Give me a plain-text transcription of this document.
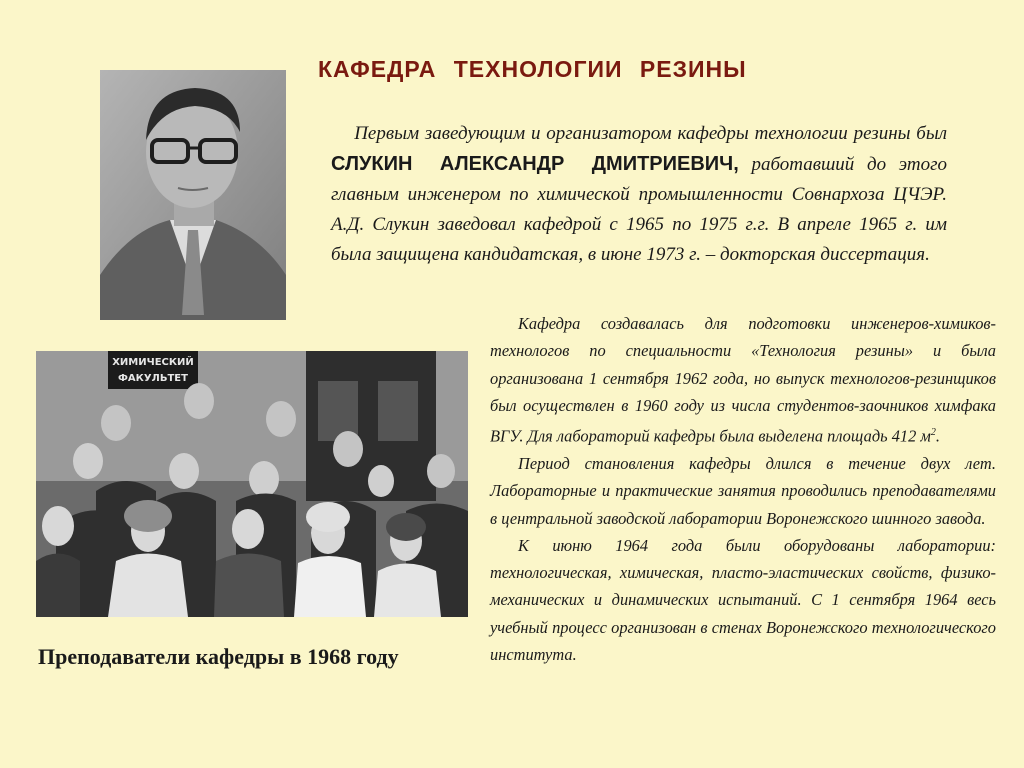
КАФЕДРА ТЕХНОЛОГИИ РЕЗИНЫ
ХИМИЧЕСКИЙ
ФАКУЛЬТЕТ
Преподаватели кафедры в 1968 году
Первым заведующим и организатором кафедры технологии резины был СЛУКИН АЛЕКСАНДР ДМИТРИЕВИЧ, работавший до этого главным инженером по химической промышленности Совнархоза ЦЧЭР. А.Д. Слукин заведовал кафедрой с 1965 по 1975 г.г. В апреле 1965 г. им была защищена кандидатская, в июне 1973 г. – докторская диссертация.

Кафедра создавалась для подготовки инженеров-химиков-технологов по специальности «Технология резины» и была организована 1 сентября 1962 года, но выпуск технологов-резинщиков был осуществлен в 1960 году из числа студентов-заочников химфака ВГУ. Для лабораторий кафедры была выделена площадь 412 $м^2$.

Период становления кафедры длился в течение двух лет. Лабораторные и практические занятия проводились преподавателями в центральной заводской лаборатории Воронежского шинного завода.

К июню 1964 года были оборудованы лаборатории: технологическая, химическая, пласто-эластических свойств, физико-механических и динамических испытаний. С 1 сентября 1964 весь учебный процесс организован в стенах Воронежского технологического института.
